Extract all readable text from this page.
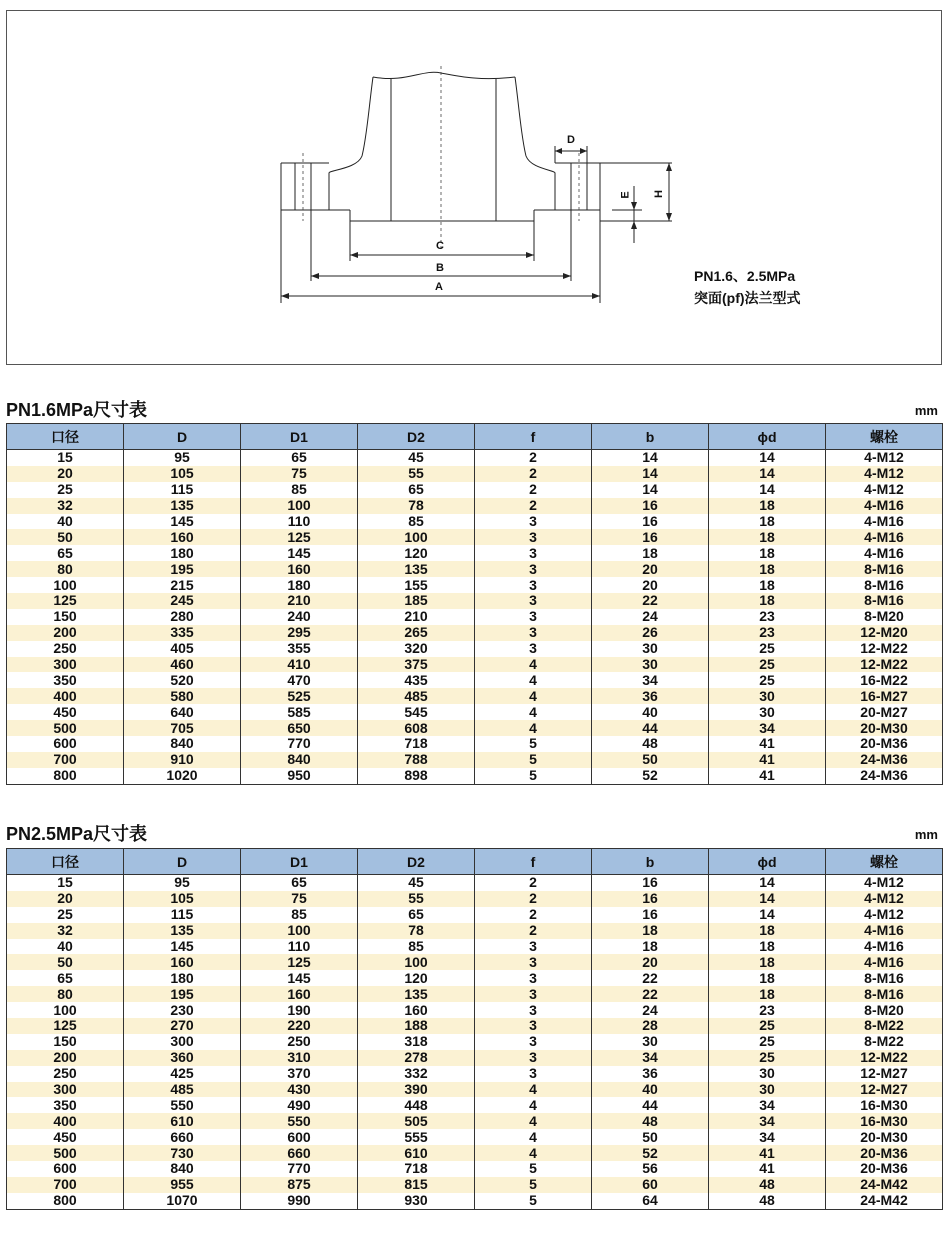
C
B
A
D
E H
PN1.6、2.5MPa
突面(pf)法兰型式
PN1.6MPa尺寸表	mm
口径	D	D1	D2	f	b	ϕd	螺栓
15	95	65	45	2	14	14	4-M12
20	105	75	55	2	14	14	4-M12
25	115	85	65	2	14	14	4-M12
32	135	100	78	2	16	18	4-M16
40	145	110	85	3	16	18	4-M16
50	160	125	100	3	16	18	4-M16
65	180	145	120	3	18	18	4-M16
80	195	160	135	3	20	18	8-M16
100	215	180	155	3	20	18	8-M16
125	245	210	185	3	22	18	8-M16
150	280	240	210	3	24	23	8-M20
200	335	295	265	3	26	23	12-M20
250	405	355	320	3	30	25	12-M22
300	460	410	375	4	30	25	12-M22
350	520	470	435	4	34	25	16-M22
400	580	525	485	4	36	30	16-M27
450	640	585	545	4	40	30	20-M27
500	705	650	608	4	44	34	20-M30
600	840	770	718	5	48	41	20-M36
700	910	840	788	5	50	41	24-M36
800	1020	950	898	5	52	41	24-M36
PN2.5MPa尺寸表	mm
口径	D	D1	D2	f	b	ϕd	螺栓
15	95	65	45	2	16	14	4-M12
20	105	75	55	2	16	14	4-M12
25	115	85	65	2	16	14	4-M12
32	135	100	78	2	18	18	4-M16
40	145	110	85	3	18	18	4-M16
50	160	125	100	3	20	18	4-M16
65	180	145	120	3	22	18	8-M16
80	195	160	135	3	22	18	8-M16
100	230	190	160	3	24	23	8-M20
125	270	220	188	3	28	25	8-M22
150	300	250	318	3	30	25	8-M22
200	360	310	278	3	34	25	12-M22
250	425	370	332	3	36	30	12-M27
300	485	430	390	4	40	30	12-M27
350	550	490	448	4	44	34	16-M30
400	610	550	505	4	48	34	16-M30
450	660	600	555	4	50	34	20-M30
500	730	660	610	4	52	41	20-M36
600	840	770	718	5	56	41	20-M36
700	955	875	815	5	60	48	24-M42
800	1070	990	930	5	64	48	24-M42
